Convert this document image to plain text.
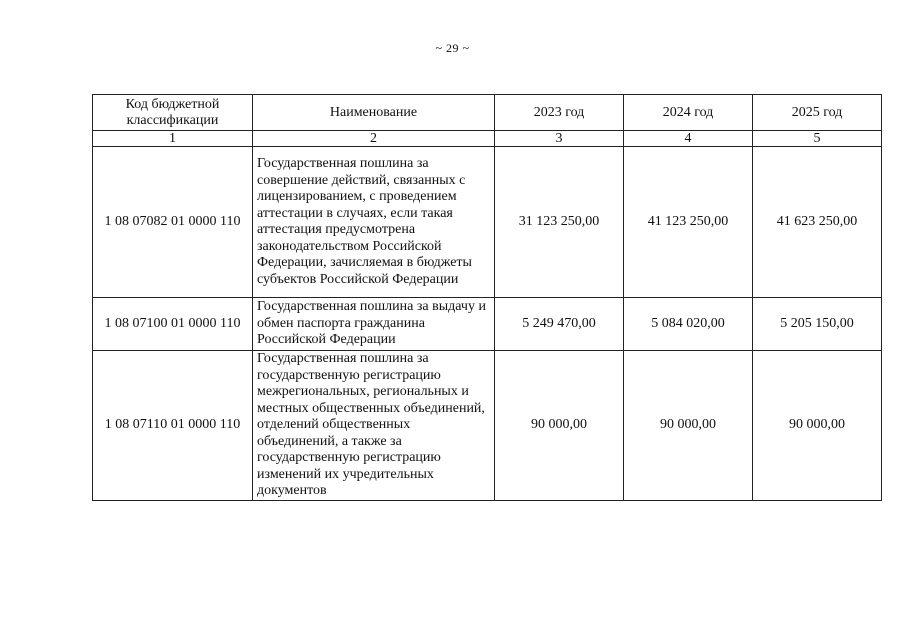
~ 29 ~
Код бюджетной классификации	Наименование	2023 год	2024 год	2025 год
1	2	3	4	5
1 08 07082 01 0000 110	Государственная пошлина за совершение действий, связанных с лицензированием, с проведением аттестации в случаях, если такая аттестация предусмотрена законодательством Российской Федерации, зачисляемая в бюджеты субъектов Российской Федерации	31 123 250,00	41 123 250,00	41 623 250,00
1 08 07100 01 0000 110	Государственная пошлина за выдачу и обмен паспорта гражданина Российской Федерации	5 249 470,00	5 084 020,00	5 205 150,00
1 08 07110 01 0000 110	Государственная пошлина за государственную регистрацию межрегиональных, региональных и местных общественных объединений, отделений общественных объединений, а также за государственную регистрацию изменений их учредительных документов	90 000,00	90 000,00	90 000,00
